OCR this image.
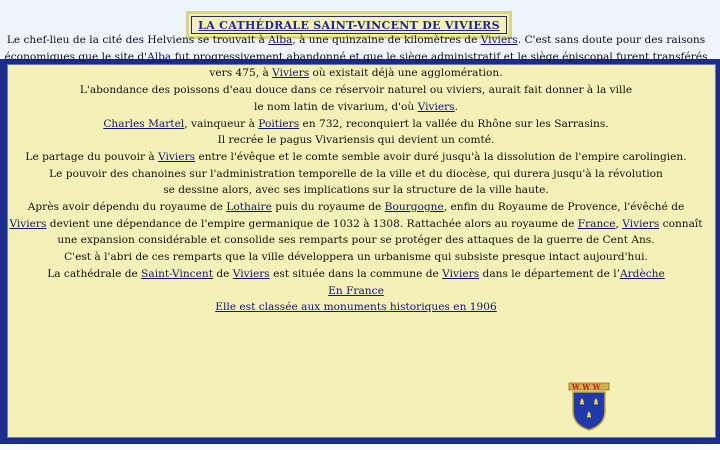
LA CATHÉDRALE SAINT-VINCENT DE VIVIERS
Le chef-lieu de la cité des Helviens se trouvait à Alba, à une quinzaine de kilomètres de Viviers. C'est sans doute pour des raisons
économiques que le site d'Alba fut progressivement abandonné et que le siège administratif et le siège épiscopal furent transférés
vers 475, à Viviers où existait déjà une agglomération.
L'abondance des poissons d'eau douce dans ce réservoir naturel ou viviers, aurait fait donner à la ville
le nom latin de vivarium, d'où Viviers.
Charles Martel, vainqueur à Poitiers en 732, reconquiert la vallée du Rhône sur les Sarrasins.
Il recrée le pagus Vivariensis qui devient un comté.
Le partage du pouvoir à Viviers entre l'évêque et le comte semble avoir duré jusqu'à la dissolution de l'empire carolingien.
Le pouvoir des chanoines sur l'administration temporelle de la ville et du diocèse, qui durera jusqu'à la révolution
se dessine alors, avec ses implications sur la structure de la ville haute.
Après avoir dépendu du royaume de Lothaire puis du royaume de Bourgogne, enfin du Royaume de Provence, l'évêché de
Viviers devient une dépendance de l'empire germanique de 1032 à 1308. Rattachée alors au royaume de France, Viviers connaît
une expansion considérable et consolide ses remparts pour se protéger des attaques de la guerre de Cent Ans.
C'est à l'abri de ces remparts que la ville développera un urbanisme qui subsiste presque intact aujourd'hui.
La cathédrale de Saint-Vincent de Viviers est située dans la commune de Viviers dans le département de l’Ardèche
En France
Elle est classée aux monuments historiques en 1906
W W W
